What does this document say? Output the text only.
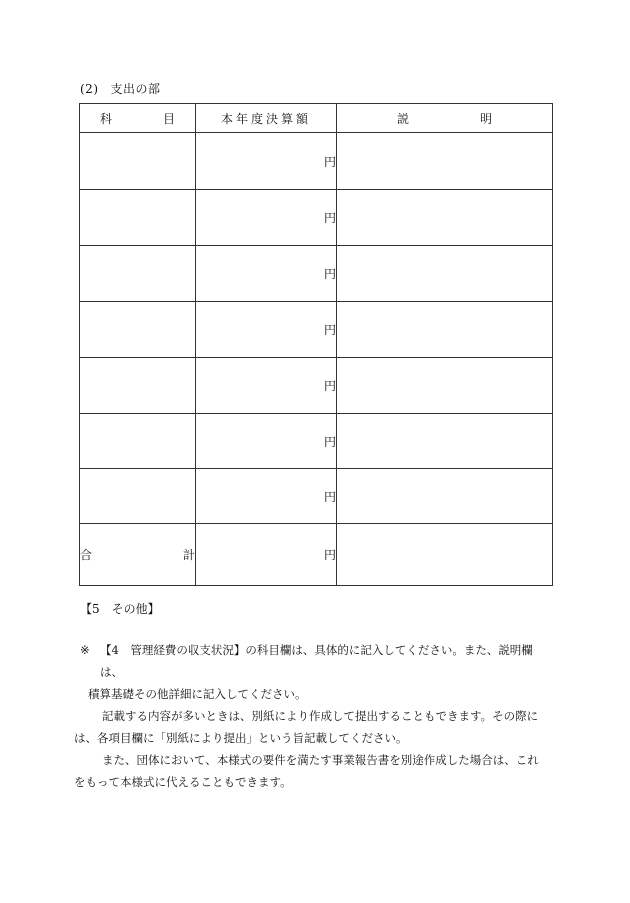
(2) 支出の部
科 目	本年度決算額	説 明

	円	
	円	
	円	
	円	
	円	
	円	
	円	

合 計	円	
【5　その他】
※ 【4　管理経費の収支状況】の科目欄は、具体的に記入してください。また、説明欄は、
積算基礎その他詳細に記入してください。

記載する内容が多いときは、別紙により作成して提出することもできます。その際に
は、各項目欄に「別紙により提出」という旨記載してください。

また、団体において、本様式の要件を満たす事業報告書を別途作成した場合は、これ
をもって本様式に代えることもできます。
